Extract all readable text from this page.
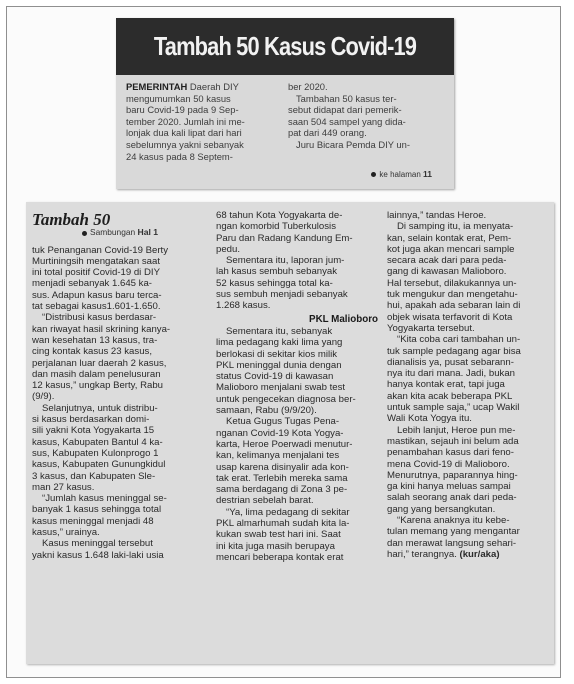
Tambah 50 Kasus Covid-19

PEMERINTAH Daerah DIY

mengumumkan 50 kasus

baru Covid-19 pada 9 Sep-

tember 2020. Jumlah ini me-

lonjak dua kali lipat dari hari

sebelumnya yakni sebanyak

24 kasus pada 8 Septem-

ber 2020.

Tambahan 50 kasus ter-

sebut didapat dari pemerik-

saan 504 sampel yang dida-

pat dari 449 orang.

Juru Bicara Pemda DIY un-

ke halaman 11
Tambah 50
Sambungan Hal 1

tuk Penanganan Covid-19 Berty

Murtiningsih mengatakan saat

ini total positif Covid-19 di DIY

menjadi sebanyak 1.645 ka-

sus. Adapun kasus baru terca-

tat sebagai kasus1.601-1.650.

“Distribusi kasus berdasar-

kan riwayat hasil skrining kanya-

wan kesehatan 13 kasus, tra-

cing kontak kasus 23 kasus,

perjalanan luar daerah 2 kasus,

dan masih dalam penelusuran

12 kasus,” ungkap Berty, Rabu

(9/9).

Selanjutnya, untuk distribu-

si kasus berdasarkan domi-

sili yakni Kota Yogyakarta 15

kasus, Kabupaten Bantul 4 ka-

sus, Kabupaten Kulonprogo 1

kasus, Kabupaten Gunungkidul

3 kasus, dan Kabupaten Sle-

man 27 kasus.

“Jumlah kasus meninggal se-

banyak 1 kasus sehingga total

kasus meninggal menjadi 48

kasus,” urainya.

Kasus meninggal tersebut

yakni kasus 1.648 laki-laki usia

68 tahun Kota Yogyakarta de-

ngan komorbid Tuberkulosis

Paru dan Radang Kandung Em-

pedu.

Sementara itu, laporan jum-

lah kasus sembuh sebanyak

52 kasus sehingga total ka-

sus sembuh menjadi sebanyak

1.268 kasus.

PKL Malioboro

Sementara itu, sebanyak

lima pedagang kaki lima yang

berlokasi di sekitar kios milik

PKL meninggal dunia dengan

status Covid-19 di kawasan

Malioboro menjalani swab test

untuk pengecekan diagnosa ber-

samaan, Rabu (9/9/20).

Ketua Gugus Tugas Pena-

nganan Covid-19 Kota Yogya-

karta, Heroe Poerwadi menutur-

kan, kelimanya menjalani tes

usap karena disinyalir ada kon-

tak erat. Terlebih mereka sama

sama berdagang di Zona 3 pe-

destrian sebelah barat.

“Ya, lima pedagang di sekitar

PKL almarhumah sudah kita la-

kukan swab test hari ini. Saat

ini kita juga masih berupaya

mencari beberapa kontak erat

lainnya,” tandas Heroe.

Di samping itu, ia menyata-

kan, selain kontak erat, Pem-

kot juga akan mencari sample

secara acak dari para peda-

gang di kawasan Malioboro.

Hal tersebut, dilakukannya un-

tuk mengukur dan mengetahu-

hui, apakah ada sebaran lain di

objek wisata terfavorit di Kota

Yogyakarta tersebut.

“Kita coba cari tambahan un-

tuk sample pedagang agar bisa

dianalisis ya, pusat sebarann-

nya itu dari mana. Jadi, bukan

hanya kontak erat, tapi juga

akan kita acak beberapa PKL

untuk sample saja,” ucap Wakil

Wali Kota Yogya itu.

Lebih lanjut, Heroe pun me-

mastikan, sejauh ini belum ada

penambahan kasus dari feno-

mena Covid-19 di Malioboro.

Menurutnya, paparannya hing-

ga kini hanya meluas sampai

salah seorang anak dari peda-

gang yang bersangkutan.

“Karena anaknya itu kebe-

tulan memang yang mengantar

dan merawat langsung sehari-

hari,” terangnya. (kur/aka)
